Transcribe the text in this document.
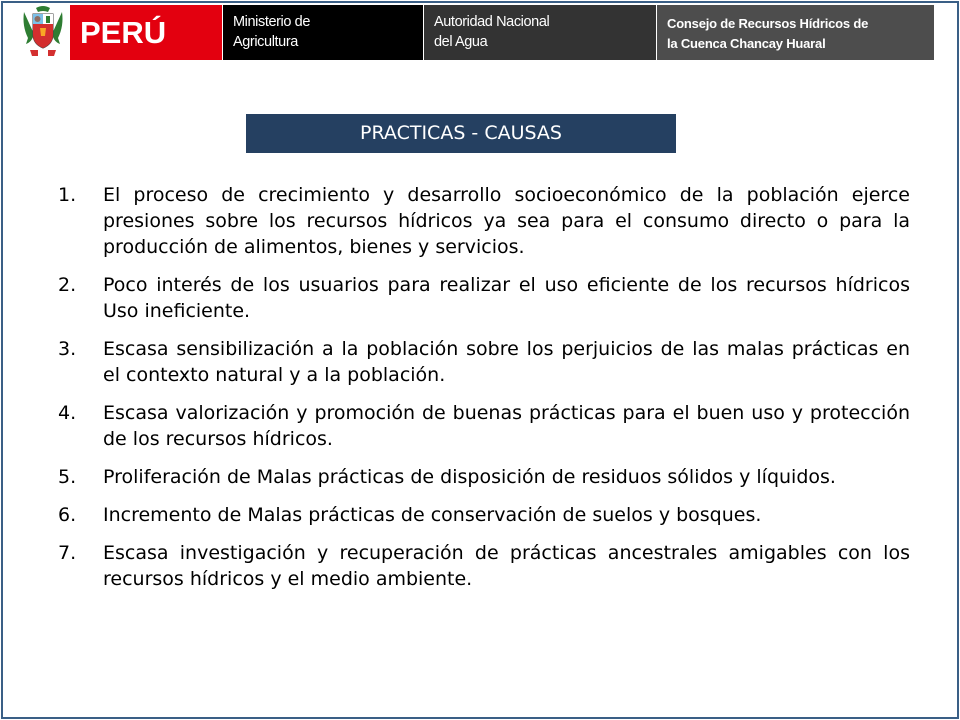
PERÚ	Ministerio de
Agricultura
Autoridad Nacional
del Agua
Consejo de Recursos Hídricos de
la Cuenca Chancay Huaral
PRACTICAS - CAUSAS
1. El proceso de crecimiento y desarrollo socioeconómico de la población ejerce presiones sobre los recursos hídricos ya sea para el consumo directo o para la producción de alimentos, bienes y servicios.
2. Poco interés de los usuarios para realizar el uso eficiente de los recursos hídricos Uso ineficiente.
3. Escasa sensibilización a la población sobre los perjuicios de las malas prácticas en el contexto natural y a la población.
4. Escasa valorización y promoción de buenas prácticas para el buen uso y protección de los recursos hídricos.
5. Proliferación de Malas prácticas de disposición de residuos sólidos y líquidos.
6. Incremento de Malas prácticas de conservación de suelos y bosques.
7. Escasa investigación y recuperación de prácticas ancestrales amigables con los recursos hídricos y el medio ambiente.
